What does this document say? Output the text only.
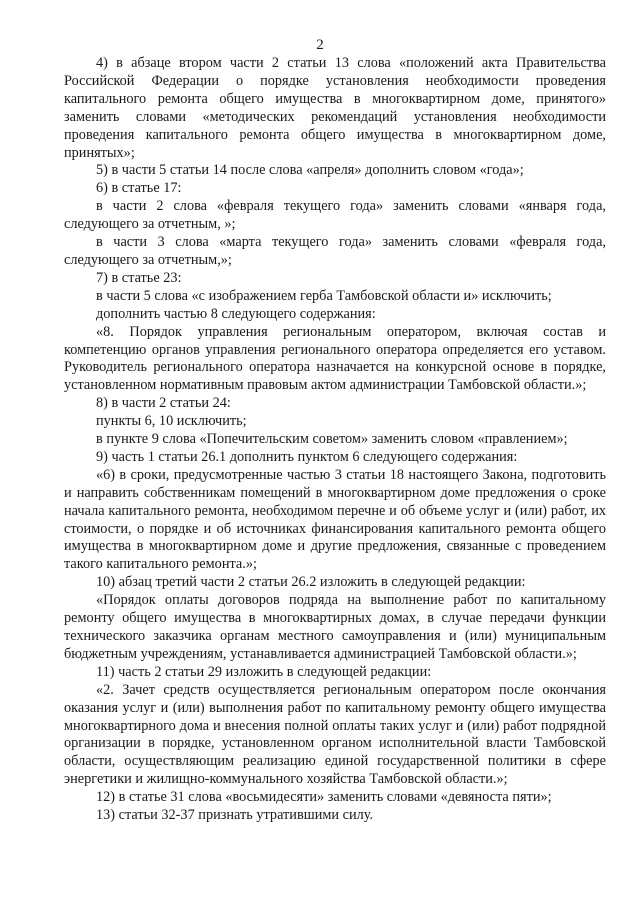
2

4) в абзаце втором части 2 статьи 13 слова «положений акта Правительства Российской Федерации о порядке установления необходимости проведения капитального ремонта общего имущества в многоквартирном доме, принятого» заменить словами «методических рекомендаций установления необходимости проведения капитального ремонта общего имущества в многоквартирном доме, принятых»;

5) в части 5 статьи 14 после слова «апреля» дополнить словом «года»;

6) в статье 17:

в части 2 слова «февраля текущего года» заменить словами «января года, следующего за отчетным, »;

в части 3 слова «марта текущего года» заменить словами «февраля года, следующего за отчетным,»;

7) в статье 23:

в части 5 слова «с изображением герба Тамбовской области и» исключить;

дополнить частью 8 следующего содержания:

«8. Порядок управления региональным оператором, включая состав и компетенцию органов управления регионального оператора определяется его уставом. Руководитель регионального оператора назначается на конкурсной основе в порядке, установленном нормативным правовым актом администрации Тамбовской области.»;

8) в части 2 статьи 24:

пункты 6, 10 исключить;

в пункте 9 слова «Попечительским советом» заменить словом «правлением»;

9) часть 1 статьи 26.1 дополнить пунктом 6 следующего содержания:

«6) в сроки, предусмотренные частью 3 статьи 18 настоящего Закона, подготовить и направить собственникам помещений в многоквартирном доме предложения о сроке начала капитального ремонта, необходимом перечне и об объеме услуг и (или) работ, их стоимости, о порядке и об источниках финансирования капитального ремонта общего имущества в многоквартирном доме и другие предложения, связанные с проведением такого капитального ремонта.»;

10) абзац третий части 2 статьи 26.2 изложить в следующей редакции:

«Порядок оплаты договоров подряда на выполнение работ по капитальному ремонту общего имущества в многоквартирных домах, в случае передачи функции технического заказчика органам местного самоуправления и (или) муниципальным бюджетным учреждениям, устанавливается администрацией Тамбовской области.»;

11) часть 2 статьи 29 изложить в следующей редакции:

«2. Зачет средств осуществляется региональным оператором после окончания оказания услуг и (или) выполнения работ по капитальному ремонту общего имущества многоквартирного дома и внесения полной оплаты таких услуг и (или) работ подрядной организации в порядке, установленном органом исполнительной власти Тамбовской области, осуществляющим реализацию единой государственной политики в сфере энергетики и жилищно-коммунального хозяйства Тамбовской области.»;

12) в статье 31 слова «восьмидесяти» заменить словами «девяноста пяти»;

13) статьи 32-37 признать утратившими силу.
